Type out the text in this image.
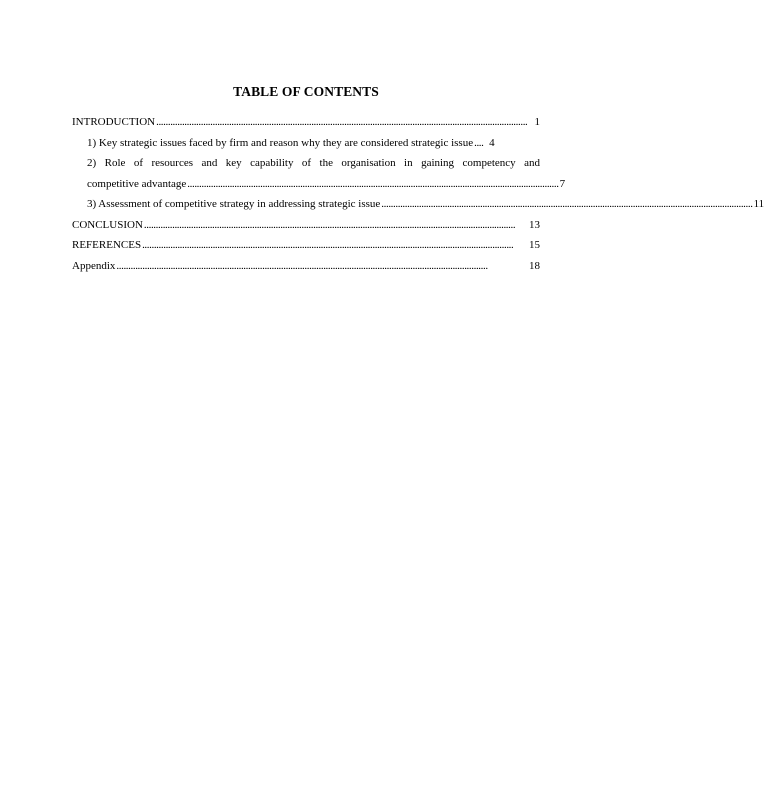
TABLE OF CONTENTS
INTRODUCTION .............................................................................................................................................................. 1
1) Key strategic issues faced by firm and reason why they are considered strategic issue .... 4
2) Role of resources and key capability of the organisation in gaining competency and
competitive advantage .............................................................................................................................................................. 7
3) Assessment of competitive strategy in addressing strategic issue .............................................................................................................................................................. 11
CONCLUSION ..............................................................................................................................................................	13
REFERENCES ..............................................................................................................................................................	15
Appendix ..............................................................................................................................................................	18
